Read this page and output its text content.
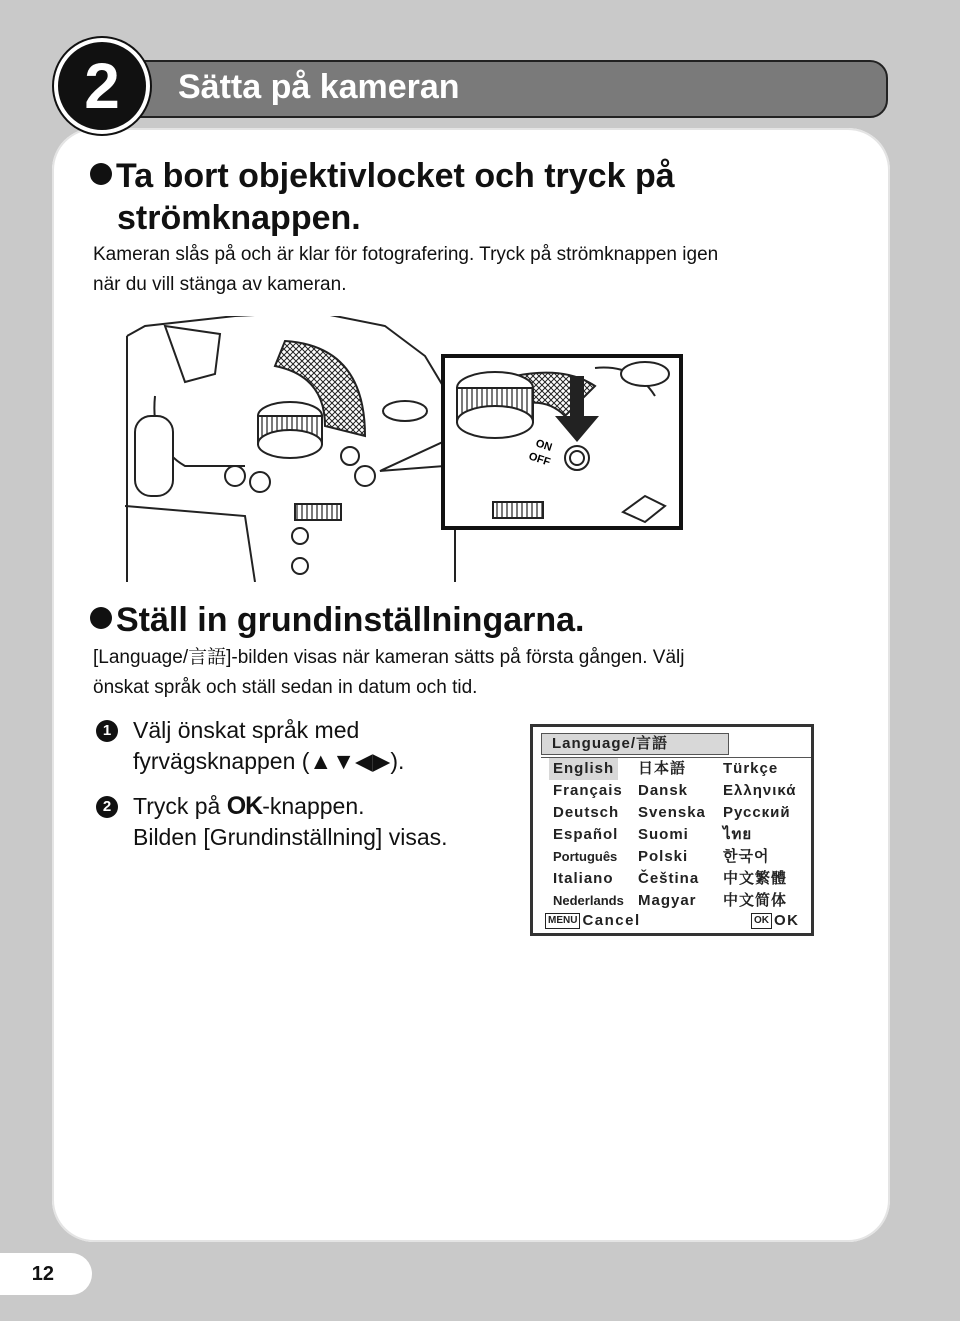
Sätta på kameran
2
Ta bort objektivlocket och tryck på
strömknappen.
Kameran slås på och är klar för fotografering. Tryck på strömknappen igen
när du vill stänga av kameran.
ON
OFF
Ställ in grundinställningarna.
[Language/言語]-bilden visas när kameran sätts på första gången. Välj
önskat språk och ställ sedan in datum och tid.
1 Välj önskat språk med
fyrvägsknappen (▲▼◀▶).
2 Tryck på OK-knappen.
Bilden [Grundinställning] visas.
Language/言語
English
Français
Deutsch
Español
Português
Italiano
Nederlands
日本語
Dansk
Svenska
Suomi
Polski
Čeština
Magyar
Türkçe
Ελληνικά
Русский
ไทย
한국어
中文繁體
中文简体
MENU Cancel	OK OK
12
